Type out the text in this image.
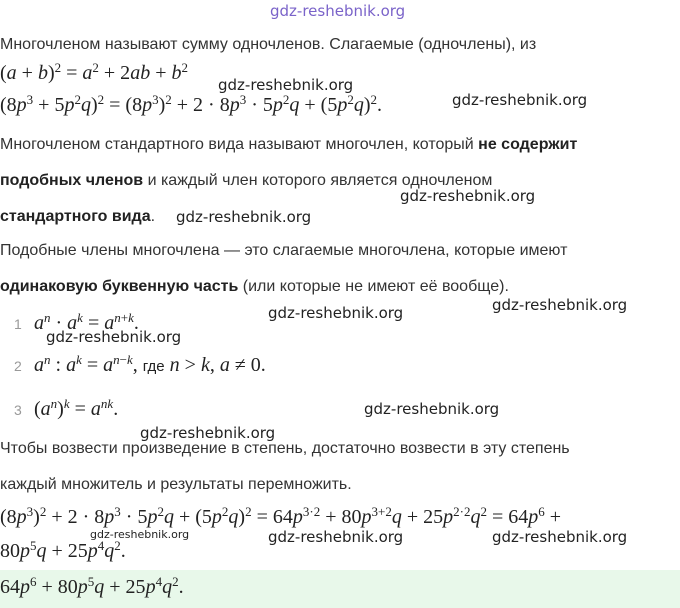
gdz-reshebnik.org
Многочленом называют сумму одночленов. Слагаемые (одночлены), из
$(a + b)^2 = a^2 + 2ab + b^2$
gdz-reshebnik.org
$(8p^3 + 5p^2q)^2 = (8p^3)^2 + 2 \cdot 8p^3 \cdot 5p^2q + (5p^2q)^2$.	gdz-reshebnik.org
Многочленом стандартного вида называют многочлен, который не содержит
подобных членов и каждый член которого является одночленом
gdz-reshebnik.org
стандартного вида. gdz-reshebnik.org
Подобные члены многочлена — это слагаемые многочлена, которые имеют
одинаковую буквенную часть (или которые не имеют её вообще).
gdz-reshebnik.org
gdz-reshebnik.org
1 $a^n \cdot a^k = a^{n+k}$.
gdz-reshebnik.org
2 $a^n$ : $a^k = a^{n-k}$, где n > k, a ≠ 0.
3 $(a^n)^k = a^{nk}$.	gdz-reshebnik.org
gdz-reshebnik.org
Чтобы возвести произведение в степень, достаточно возвести в эту степень
каждый множитель и результаты перемножить.
$(8p^3)^2 + 2 \cdot 8p^3 \cdot 5p^2q + (5p^2q)^2 = 64p^{3\cdot 2} + 80p^{3+2}q + 25p^{2\cdot 2}q^2 = 64p^6$ +
gdz-reshebnik.org	gdz-reshebnik.org	gdz-reshebnik.org
$80p^5q + 25p^4q^2$.
$64p^6 + 80p^5q + 25p^4q^2$.
